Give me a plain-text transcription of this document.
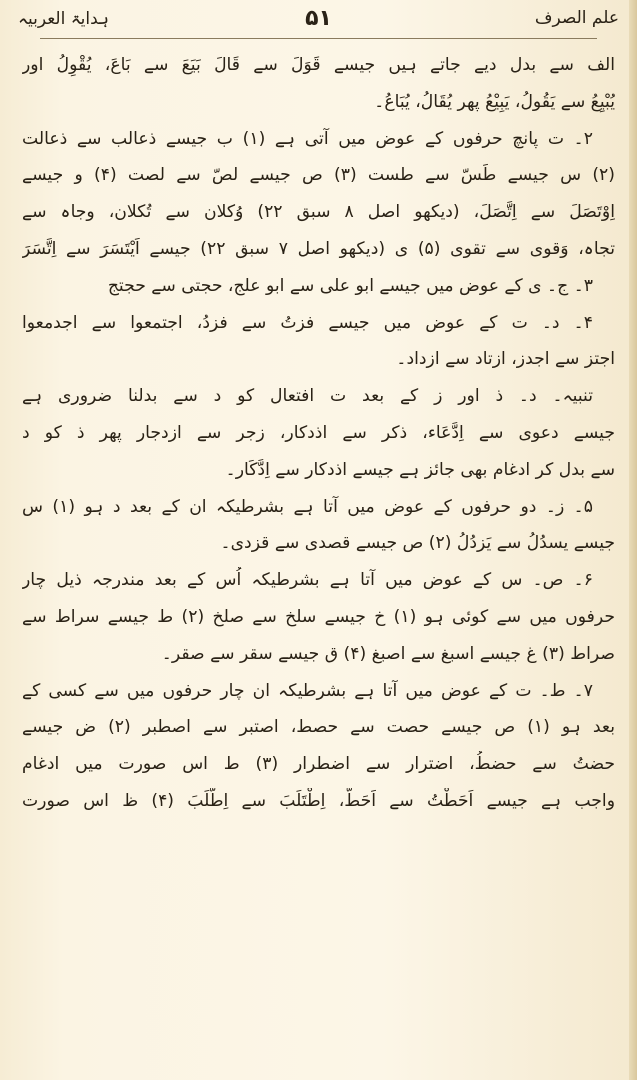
علم الصرف
۵۱
ہدایۃ العربیہ
الف سے بدل دیے جاتے ہیں جیسے قَوَلَ سے قَالَ بَیَعَ سے بَاعَ، یُقْوِلُ اور
یُبْیِعُ سے یَقُولُ، یَبِیْعُ پھر یُقَالُ، یُبَاعُ۔
۲۔ ت پانچ حرفوں کے عوض میں آتی ہے (۱) ب جیسے ذعالب سے ذعالت
(۲) س جیسے طَسّ سے طست (۳) ص جیسے لصّ سے لصت (۴) و جیسے
اِوْتَصَلَ سے اِتَّصَلَ، (دیکھو اصل ۸ سبق ۲۲) وُکلان سے تُکلان، وجاہ سے
تجاہ، وَقوی سے تقوی (۵) ی (دیکھو اصل ۷ سبق ۲۲) جیسے اَیْتَسَرَ سے اِتَّسَرَ
۳۔ ج۔ ی کے عوض میں جیسے ابو علی سے ابو علج، حجتی سے حجتج
۴۔ د۔ ت کے عوض میں جیسے فزتُ سے فزدُ، اجتمعوا سے اجدمعوا
اجتز سے اجدز، ازتاد سے ازداد۔
تنبیہ۔ د۔ ذ اور ز کے بعد ت افتعال کو د سے بدلنا ضروری ہے
جیسے دعوی سے اِدَّعَاء، ذکر سے اذدکار، زجر سے ازدجار پھر ذ کو د
سے بدل کر ادغام بھی جائز ہے جیسے اذدکار سے اِدَّکَار۔
۵۔ ز۔ دو حرفوں کے عوض میں آتا ہے بشرطیکہ ان کے بعد د ہو (۱) س
جیسے یسدُلُ سے یَزدُلُ (۲) ص جیسے قصدی سے قزدی۔
۶۔ ص۔ س کے عوض میں آتا ہے بشرطیکہ اُس کے بعد مندرجہ ذیل چار
حرفوں میں سے کوئی ہو (۱) خ جیسے سلخ سے صلخ (۲) ط جیسے سراط سے
صراط (۳) غ جیسے اسبغ سے اصبغ (۴) ق جیسے سقر سے صقر۔
۷۔ ط۔ ت کے عوض میں آتا ہے بشرطیکہ ان چار حرفوں میں سے کسی کے
بعد ہو (۱) ص جیسے حصت سے حصط، اصتبر سے اصطبر (۲) ض جیسے
حضتُ سے حضطُ، اضترار سے اضطرار (۳) ط اس صورت میں ادغام
واجب ہے جیسے اَحَطْتُ سے اَحَطُّ، اِطْتَلَبَ سے اِطَّلَبَ (۴) ظ اس صورت
